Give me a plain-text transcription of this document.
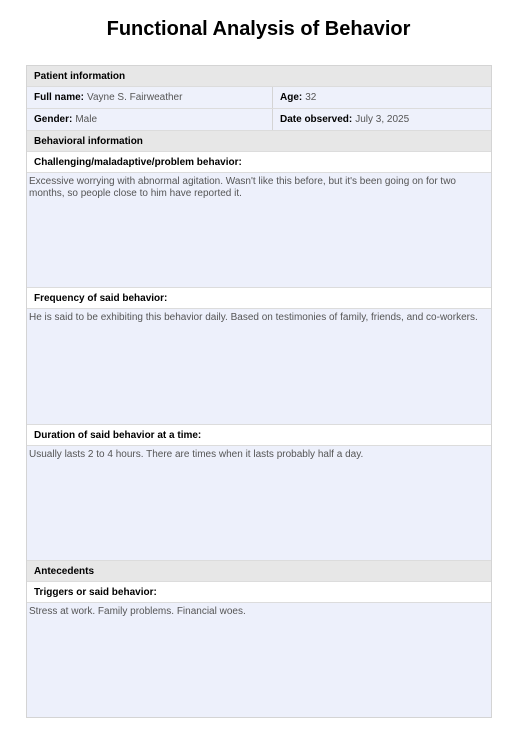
Functional Analysis of Behavior
Patient information
Full name: Vayne S. Fairweather	Age: 32
Gender: Male	Date observed: July 3, 2025
Behavioral information
Challenging/maladaptive/problem behavior:
Excessive worrying with abnormal agitation. Wasn't like this before, but it's been going on for two months, so people close to him have reported it.
Frequency of said behavior:
He is said to be exhibiting this behavior daily. Based on testimonies of family, friends, and co-workers.
Duration of said behavior at a time:
Usually lasts 2 to 4 hours. There are times when it lasts probably half a day.
Antecedents
Triggers or said behavior:
Stress at work. Family problems. Financial woes.
